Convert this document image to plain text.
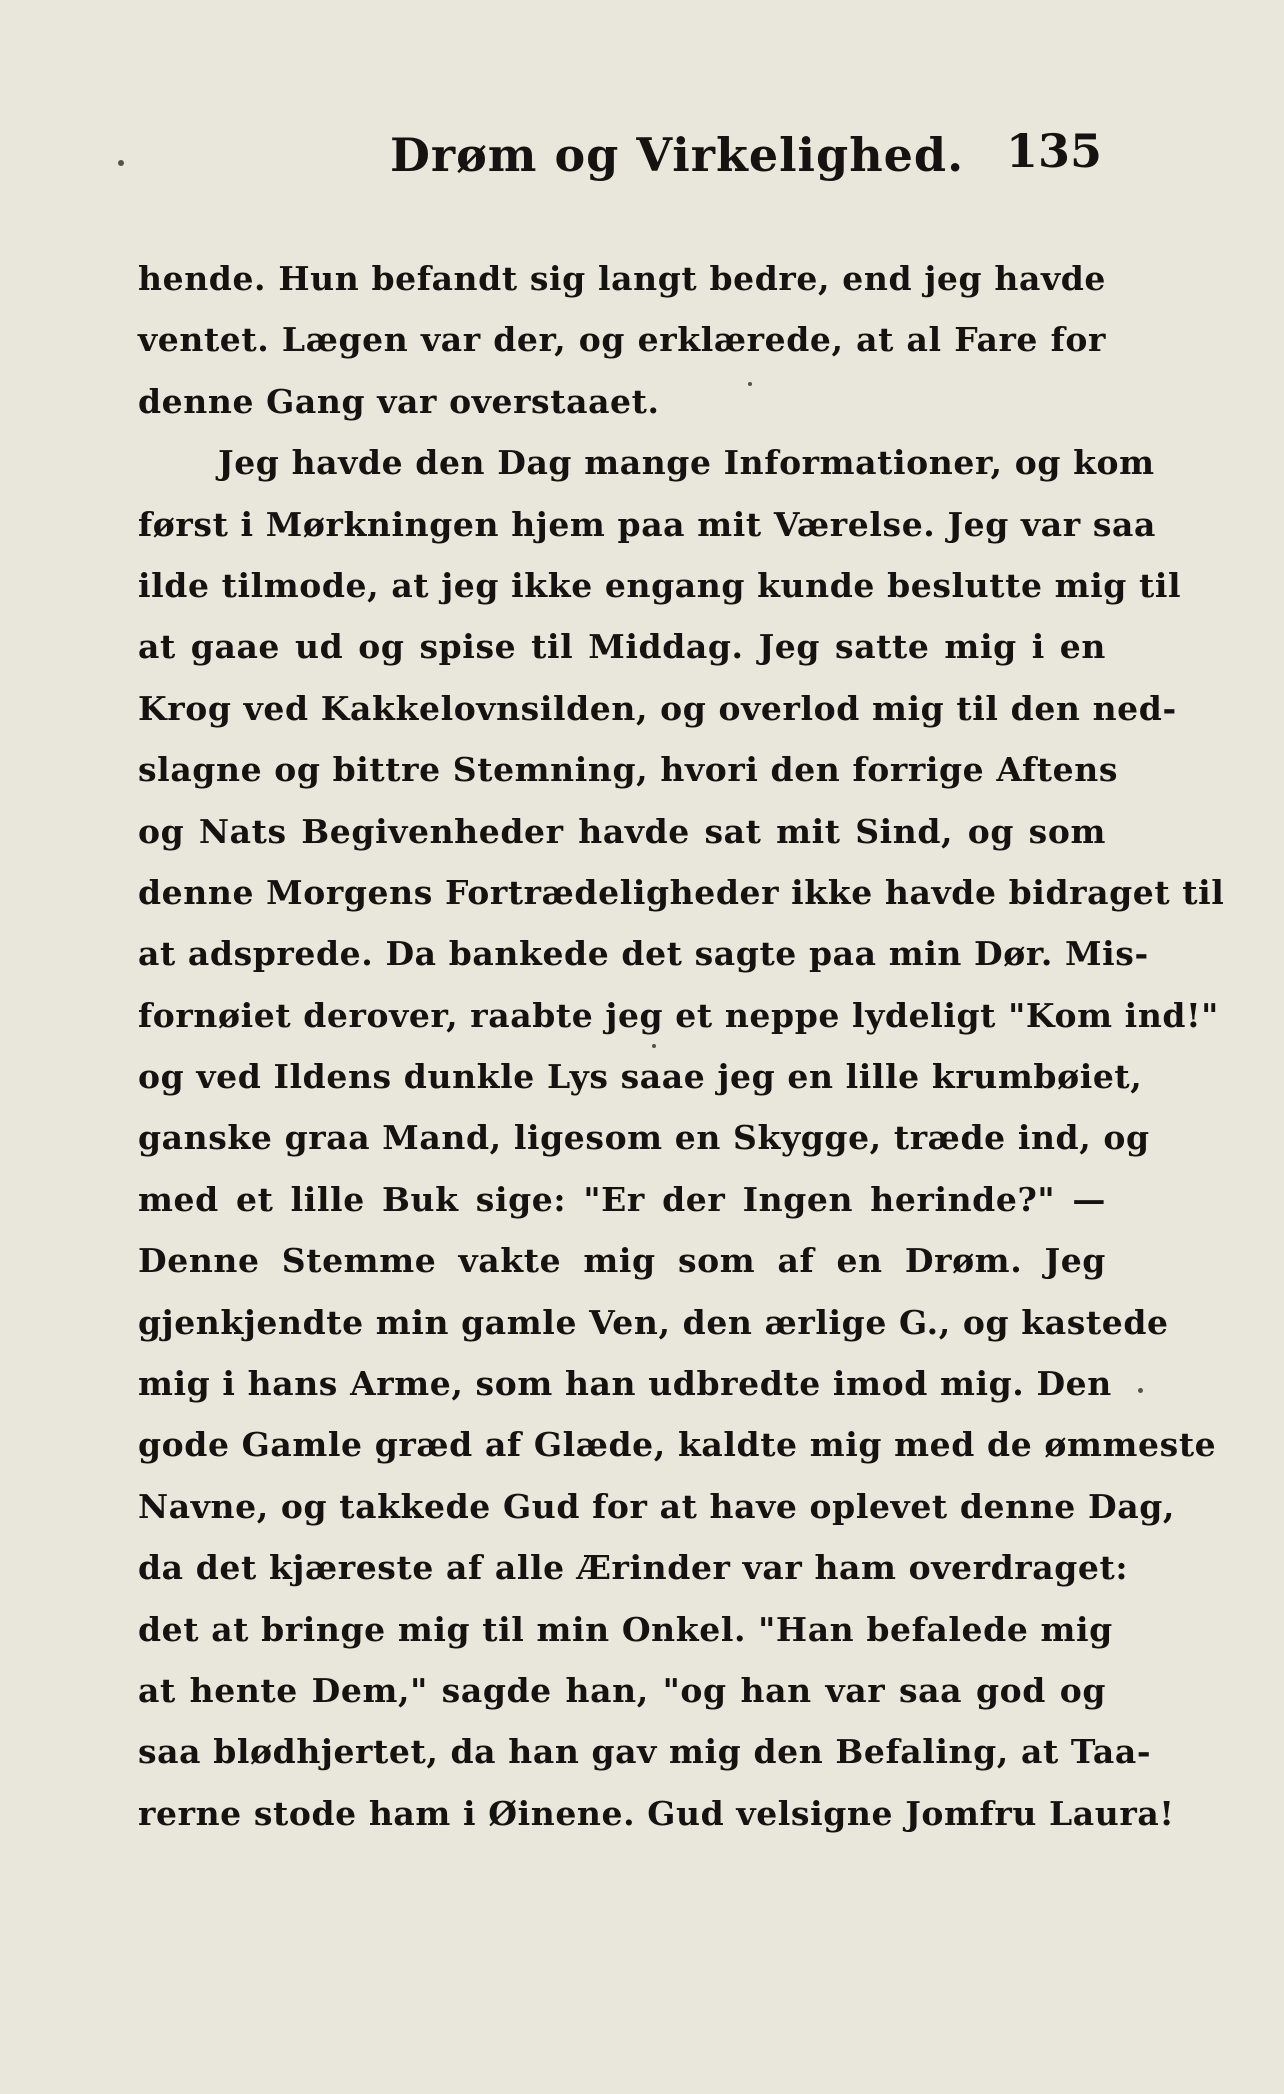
Drøm og Virkelighed. 135
hende. Hun befandt sig langt bedre, end jeg havde
ventet. Lægen var der, og erklærede, at al Fare for
denne Gang var overstaaet.
Jeg havde den Dag mange Informationer, og kom
først i Mørkningen hjem paa mit Værelse. Jeg var saa
ilde tilmode, at jeg ikke engang kunde beslutte mig til
at gaae ud og spise til Middag. Jeg satte mig i en
Krog ved Kakkelovnsilden, og overlod mig til den ned-
slagne og bittre Stemning, hvori den forrige Aftens
og Nats Begivenheder havde sat mit Sind, og som
denne Morgens Fortrædeligheder ikke havde bidraget til
at adsprede. Da bankede det sagte paa min Dør. Mis-
fornøiet derover, raabte jeg et neppe lydeligt "Kom ind!"
og ved Ildens dunkle Lys saae jeg en lille krumbøiet,
ganske graa Mand, ligesom en Skygge, træde ind, og
med et lille Buk sige: "Er der Ingen herinde?" —
Denne Stemme vakte mig som af en Drøm. Jeg
gjenkjendte min gamle Ven, den ærlige G., og kastede
mig i hans Arme, som han udbredte imod mig. Den
gode Gamle græd af Glæde, kaldte mig med de ømmeste
Navne, og takkede Gud for at have oplevet denne Dag,
da det kjæreste af alle Ærinder var ham overdraget:
det at bringe mig til min Onkel. "Han befalede mig
at hente Dem," sagde han, "og han var saa god og
saa blødhjertet, da han gav mig den Befaling, at Taa-
rerne stode ham i Øinene. Gud velsigne Jomfru Laura!
